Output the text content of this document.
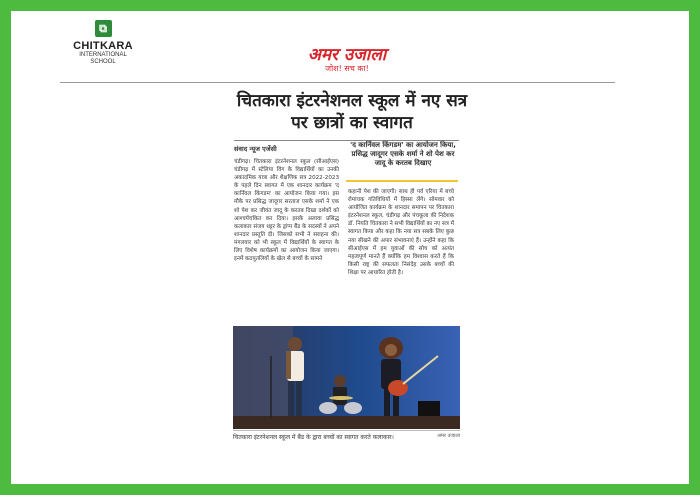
⧉
CHITKARA
INTERNATIONAL
SCHOOL	अमर उजाला
जोश! सच का!
चितकारा इंटरनेशनल स्कूल में नए सत्र पर छात्रों का स्वागत
संवाद न्यूज एजेंसी	'द कार्निवल किंगडम' का आयोजन किया, प्रसिद्ध जादूगर एसके शर्मा ने शो पेश कर जादू के करतब दिखाए
चंडीगढ़। चितकारा इंटरनेशनल स्कूल (सीआईएस) चंडीगढ़ में स्टेलिया विंग के विद्यार्थियों का उनकी अकादमिक यात्रा और शैक्षणिक सत्र 2022-2023 के पहले दिन स्वागत में एक शानदार कार्यक्रम 'द कार्निवल किंगडम' का आयोजन किया गया। इस मौके पर प्रसिद्ध जादूगर सरताज एसके शर्मा ने एक शो पेश कर जीवंत जादू के करतब दिखा दर्शकों को आश्चर्यचकित कर दिया। इसके अलावा प्रसिद्ध कलाकार संजय थट्टर के ड्रांप्प बैंड के सदस्यों ने अपने शानदार प्रस्तुति दी। जिसको सभी ने सराहना की। मंगलवार को भी स्कूल में विद्यार्थियों के स्वागत के लिए विशेष कार्यक्रमों का आयोजन किया जाएगा। इनमें कठपुतलियों के खेल से बच्चों के सामने
कहानी पेश की जाएगी। साथ ही पर्व एरिया में बच्चे रोमांचक गतिविधियों में हिस्सा लेंगे। सोमवार को आयोजित कार्यक्रम के शानदार समापन पर चितकारा इंटरनेशनल स्कूल, चंडीगढ़ और पंचकूला की निदेशक डॉ. नियति चितकारा ने सभी विद्यार्थियों का नए सत्र में स्वागत किया और कहा कि नया सत्र सबके लिए कुछ नया सीखने की अपार संभावनाएं हैं। उन्होंने कहा कि सीआईएस में हम युवाओं की सोच को अत्यंत महत्वपूर्ण मानते हैं क्योंकि हम विश्वास करते हैं कि किसी राष्ट्र की सफलता निसंदेह उसके बच्चों की शिक्षा पर आधारित होती है।
अमर उजाला
चितकारा इंटरनेशनल स्कूल में बैंड के द्वारा बच्चों का स्वागत करते कलाकार।
